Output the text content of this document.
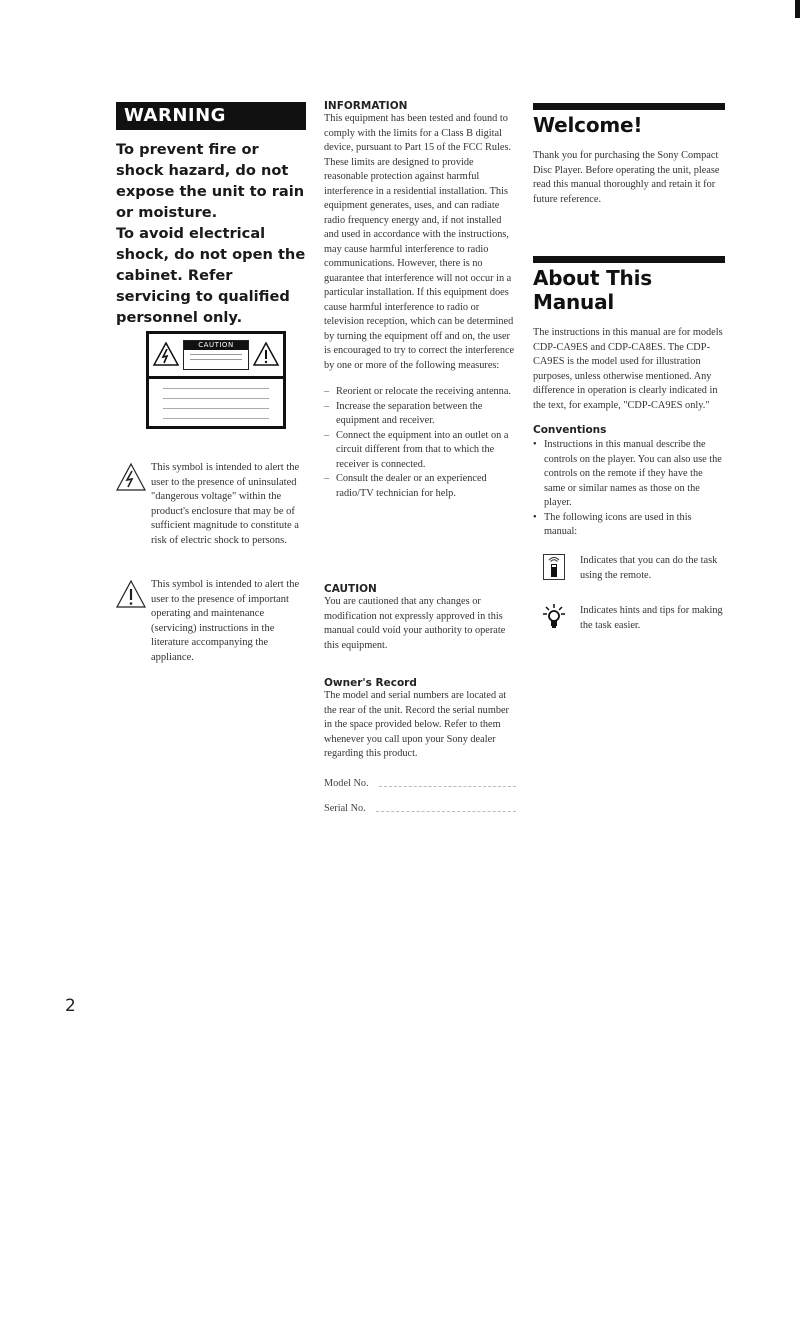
WARNING

To prevent fire or shock hazard, do not expose the unit to rain or moisture.

To avoid electrical shock, do not open the cabinet. Refer servicing to qualified personnel only.

CAUTION
This symbol is intended to alert the user to the presence of uninsulated "dangerous voltage" within the product's enclosure that may be of sufficient magnitude to constitute a risk of electric shock to persons.
This symbol is intended to alert the user to the presence of important operating and maintenance (servicing) instructions in the literature accompanying the appliance.

INFORMATION

This equipment has been tested and found to comply with the limits for a Class B digital device, pursuant to Part 15 of the FCC Rules. These limits are designed to provide reasonable protection against harmful interference in a residential installation. This equipment generates, uses, and can radiate radio frequency energy and, if not installed and used in accordance with the instructions, may cause harmful interference to radio communications. However, there is no guarantee that interference will not occur in a particular installation. If this equipment does cause harmful interference to radio or television reception, which can be determined by turning the equipment off and on, the user is encouraged to try to correct the interference by one or more of the following measures:

– Reorient or relocate the receiving antenna.
– Increase the separation between the equipment and receiver.
– Connect the equipment into an outlet on a circuit different from that to which the receiver is connected.
– Consult the dealer or an experienced radio/TV technician for help.

CAUTION

You are cautioned that any changes or modification not expressly approved in this manual could void your authority to operate this equipment.

Owner's Record

The model and serial numbers are located at the rear of the unit. Record the serial number in the space provided below. Refer to them whenever you call upon your Sony dealer regarding this product.

Model No.
Serial No.
Welcome!

Thank you for purchasing the Sony Compact Disc Player. Before operating the unit, please read this manual thoroughly and retain it for future reference.

About This Manual

The instructions in this manual are for models CDP-CA9ES and CDP-CA8ES. The CDP-CA9ES is the model used for illustration purposes, unless otherwise mentioned. Any difference in operation is clearly indicated in the text, for example, "CDP-CA9ES only."

Conventions

• Instructions in this manual describe the controls on the player. You can also use the controls on the remote if they have the same or similar names as those on the player.
• The following icons are used in this manual:
Indicates that you can do the task using the remote.
Indicates hints and tips for making the task easier.
2
